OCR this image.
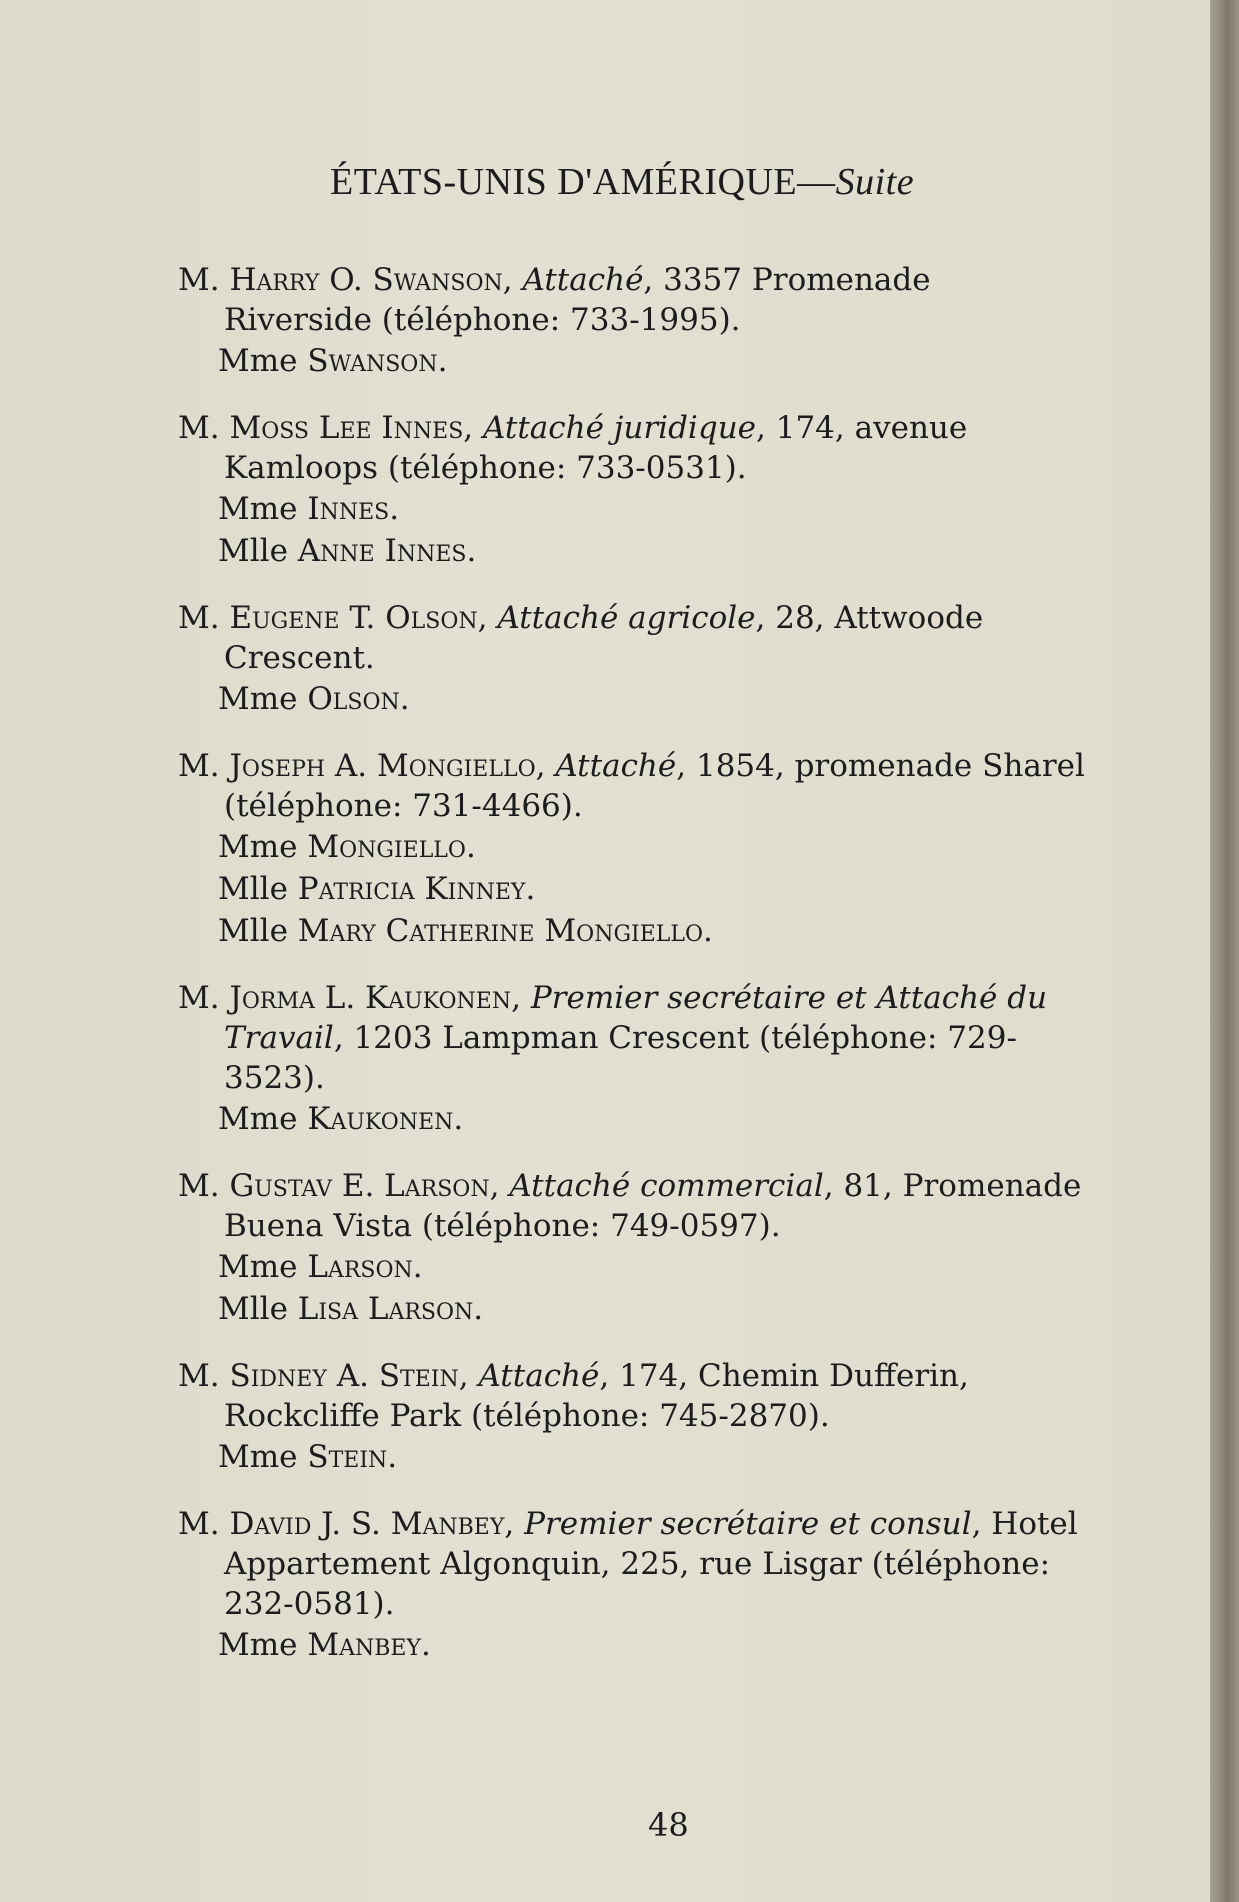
ÉTATS-UNIS D'AMÉRIQUE—Suite
M. Harry O. Swanson, Attaché, 3357 Promenade Riverside (téléphone: 733-1995).
Mme Swanson.
M. Moss Lee Innes, Attaché juridique, 174, avenue Kamloops (téléphone: 733-0531).
Mme Innes.
Mlle Anne Innes.
M. Eugene T. Olson, Attaché agricole, 28, Attwoode Crescent.
Mme Olson.
M. Joseph A. Mongiello, Attaché, 1854, promenade Sharel (téléphone: 731-4466).
Mme Mongiello.
Mlle Patricia Kinney.
Mlle Mary Catherine Mongiello.
M. Jorma L. Kaukonen, Premier secrétaire et Attaché du Travail, 1203 Lampman Crescent (téléphone: 729-3523).
Mme Kaukonen.
M. Gustav E. Larson, Attaché commercial, 81, Promenade Buena Vista (téléphone: 749-0597).
Mme Larson.
Mlle Lisa Larson.
M. Sidney A. Stein, Attaché, 174, Chemin Dufferin, Rockcliffe Park (téléphone: 745-2870).
Mme Stein.
M. David J. S. Manbey, Premier secrétaire et consul, Hotel Appartement Algonquin, 225, rue Lisgar (téléphone: 232-0581).
Mme Manbey.
48
